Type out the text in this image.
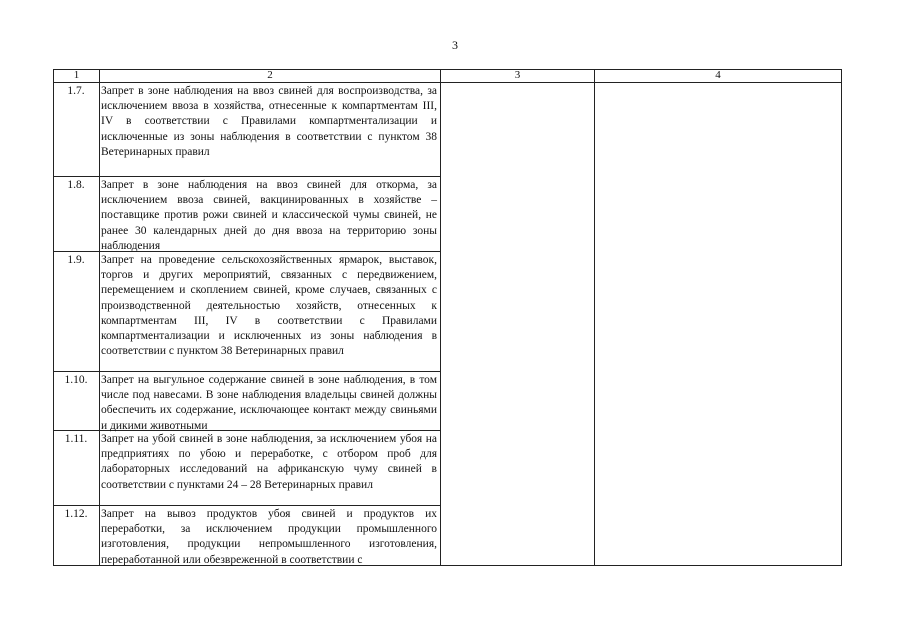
3
1	2	3	4
1.7.	Запрет в зоне наблюдения на ввоз свиней для воспроизводства, за исключением ввоза в хозяйства, отнесенные к компартментам III, IV в соответствии с Правилами компартментализации и исключенные из зоны наблюдения в соответствии с пунктом 38 Ветеринарных правил
1.8.	Запрет в зоне наблюдения на ввоз свиней для откорма, за исключением ввоза свиней, вакцинированных в хозяйстве – поставщике против рожи свиней и классической чумы свиней, не ранее 30 календарных дней до дня ввоза на территорию зоны наблюдения
1.9.	Запрет на проведение сельскохозяйственных ярмарок, выставок, торгов и других мероприятий, связанных с передвижением, перемещением и скоплением свиней, кроме случаев, связанных с производственной деятельностью хозяйств, отнесенных к компартментам III, IV в соответствии с Правилами компартментализации и исключенных из зоны наблюдения в соответствии с пунктом 38 Ветеринарных правил
1.10.	Запрет на выгульное содержание свиней в зоне наблюдения, в том числе под навесами. В зоне наблюдения владельцы свиней должны обеспечить их содержание, исключающее контакт между свиньями и дикими животными
1.11.	Запрет на убой свиней в зоне наблюдения, за исключением убоя на предприятиях по убою и переработке, с отбором проб для лабораторных исследований на африканскую чуму свиней в соответствии с пунктами 24 – 28 Ветеринарных правил
1.12.	Запрет на вывоз продуктов убоя свиней и продуктов их переработки, за исключением продукции промышленного изготовления, продукции непромышленного изготовления, переработанной или обезвреженной в соответствии с
